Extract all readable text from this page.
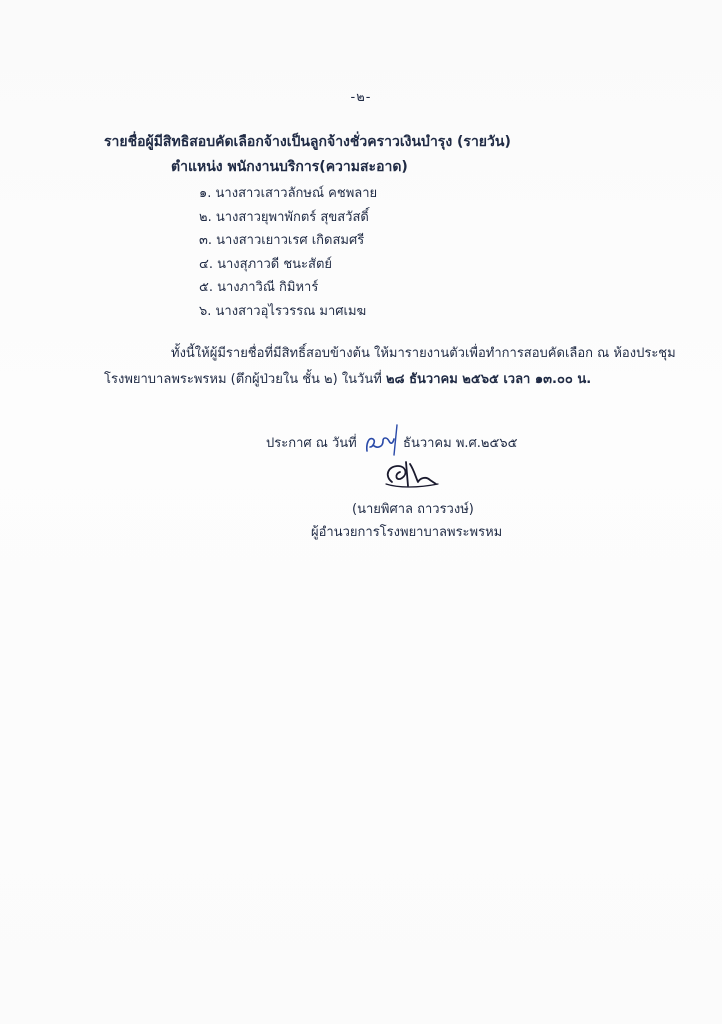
-๒-
รายชื่อผู้มีสิทธิสอบคัดเลือกจ้างเป็นลูกจ้างชั่วคราวเงินบำรุง (รายวัน)
ตำแหน่ง พนักงานบริการ(ความสะอาด)
๑. นางสาวเสาวลักษณ์ คชพลาย
๒. นางสาวยุพาพักตร์ สุขสวัสดิ์
๓. นางสาวเยาวเรศ เกิดสมศรี
๔. นางสุภาวดี ชนะสัตย์
๕. นางภาวิณี กิมิหาร์
๖. นางสาวอุไรวรรณ มาศเมฆ
ทั้งนี้ให้ผู้มีรายชื่อที่มีสิทธิ์สอบข้างต้น ให้มารายงานตัวเพื่อทำการสอบคัดเลือก ณ ห้องประชุม
โรงพยาบาลพระพรหม (ตึกผู้ป่วยใน ชั้น ๒) ในวันที่ ๒๘ ธันวาคม ๒๕๖๕ เวลา ๑๓.๐๐ น.
ประกาศ ณ วันที่	ธันวาคม พ.ศ.๒๕๖๕
(นายพิศาล ถาวรวงษ์)
ผู้อำนวยการโรงพยาบาลพระพรหม
